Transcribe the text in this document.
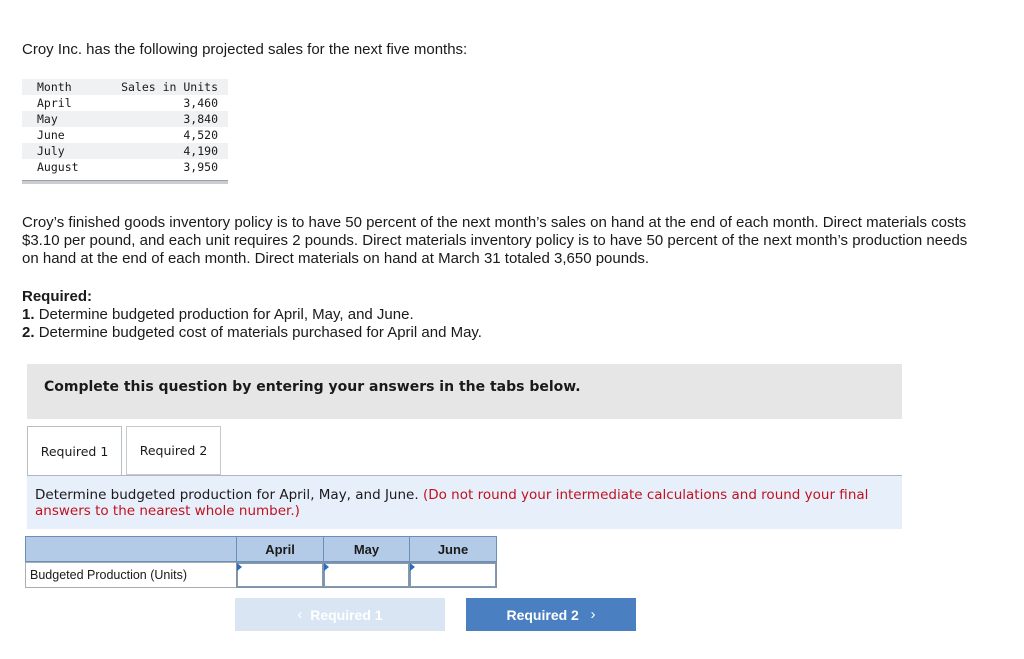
Croy Inc. has the following projected sales for the next five months:
Month	Sales in Units
April	3,460
May	3,840
June	4,520
July	4,190
August	3,950
Croy’s finished goods inventory policy is to have 50 percent of the next month’s sales on hand at the end of each month. Direct materials costs $3.10 per pound, and each unit requires 2 pounds. Direct materials inventory policy is to have 50 percent of the next month’s production needs on hand at the end of each month. Direct materials on hand at March 31 totaled 3,650 pounds.
Required:
1. Determine budgeted production for April, May, and June.
2. Determine budgeted cost of materials purchased for April and May.
Complete this question by entering your answers in the tabs below.
Required 1	Required 2
Determine budgeted production for April, May, and June. (Do not round your intermediate calculations and round your final answers to the nearest whole number.)
April	May	June
Budgeted Production (Units)
‹
Required 1	Required 2
›
